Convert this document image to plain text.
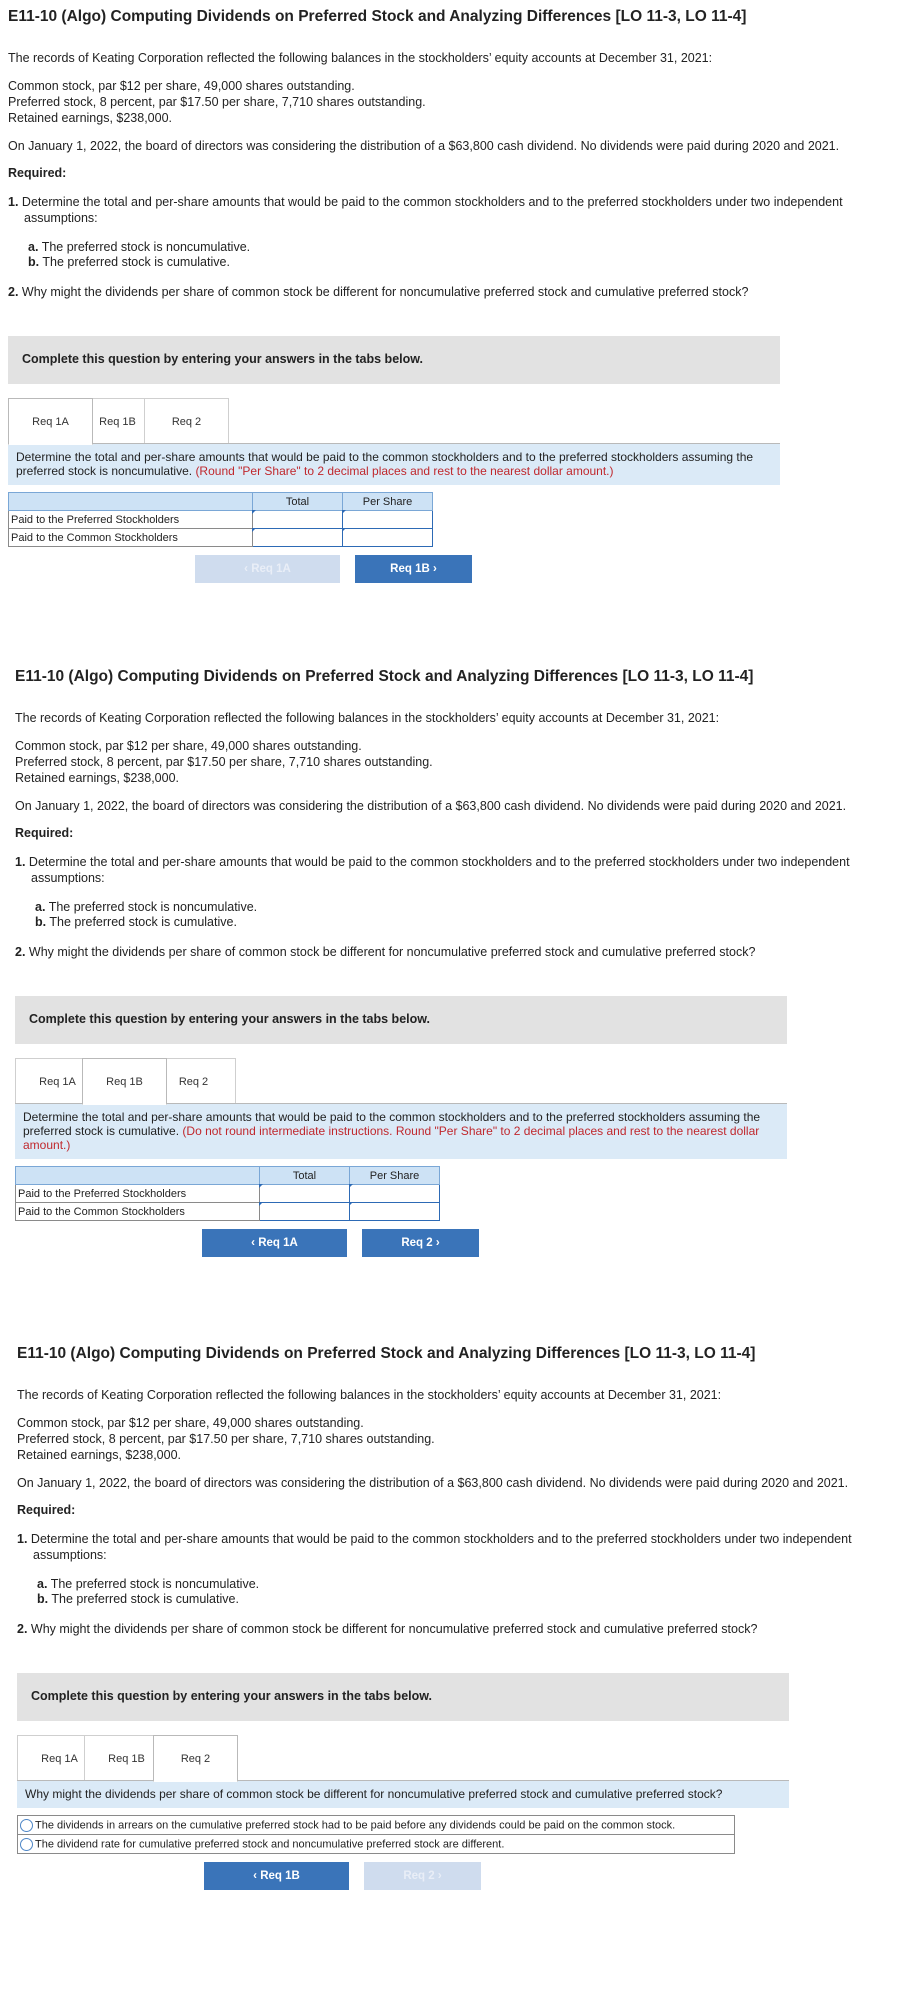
E11-10 (Algo) Computing Dividends on Preferred Stock and Analyzing Differences [LO 11-3, LO 11-4]

The records of Keating Corporation reflected the following balances in the stockholders’ equity accounts at December 31, 2021:

Common stock, par $12 per share, 49,000 shares outstanding.

Preferred stock, 8 percent, par $17.50 per share, 7,710 shares outstanding.

Retained earnings, $238,000.

On January 1, 2022, the board of directors was considering the distribution of a $63,800 cash dividend. No dividends were paid during 2020 and 2021.

Required:
1. Determine the total and per-share amounts that would be paid to the common stockholders and to the preferred stockholders under two independent assumptions:
a. The preferred stock is noncumulative.
b. The preferred stock is cumulative.
2. Why might the dividends per share of common stock be different for noncumulative preferred stock and cumulative preferred stock?
Complete this question by entering your answers in the tabs below.
Req 1A	Req 1B	Req 2
Determine the total and per-share amounts that would be paid to the common stockholders and to the preferred stockholders assuming the preferred stock is noncumulative. (Round "Per Share" to 2 decimal places and rest to the nearest dollar amount.)
	Total	Per Share
Paid to the Preferred Stockholders		
Paid to the Common Stockholders		
‹ Req 1A	Req 1B ›
E11-10 (Algo) Computing Dividends on Preferred Stock and Analyzing Differences [LO 11-3, LO 11-4]

The records of Keating Corporation reflected the following balances in the stockholders’ equity accounts at December 31, 2021:

Common stock, par $12 per share, 49,000 shares outstanding.

Preferred stock, 8 percent, par $17.50 per share, 7,710 shares outstanding.

Retained earnings, $238,000.

On January 1, 2022, the board of directors was considering the distribution of a $63,800 cash dividend. No dividends were paid during 2020 and 2021.

Required:
1. Determine the total and per-share amounts that would be paid to the common stockholders and to the preferred stockholders under two independent assumptions:
a. The preferred stock is noncumulative.
b. The preferred stock is cumulative.
2. Why might the dividends per share of common stock be different for noncumulative preferred stock and cumulative preferred stock?
Complete this question by entering your answers in the tabs below.
Req 1A	Req 1B	Req 2
Determine the total and per-share amounts that would be paid to the common stockholders and to the preferred stockholders assuming the preferred stock is cumulative. (Do not round intermediate instructions. Round "Per Share" to 2 decimal places and rest to the nearest dollar amount.)
	Total	Per Share
Paid to the Preferred Stockholders		
Paid to the Common Stockholders		
‹ Req 1A	Req 2 ›
E11-10 (Algo) Computing Dividends on Preferred Stock and Analyzing Differences [LO 11-3, LO 11-4]

The records of Keating Corporation reflected the following balances in the stockholders’ equity accounts at December 31, 2021:

Common stock, par $12 per share, 49,000 shares outstanding.

Preferred stock, 8 percent, par $17.50 per share, 7,710 shares outstanding.

Retained earnings, $238,000.

On January 1, 2022, the board of directors was considering the distribution of a $63,800 cash dividend. No dividends were paid during 2020 and 2021.

Required:
1. Determine the total and per-share amounts that would be paid to the common stockholders and to the preferred stockholders under two independent assumptions:
a. The preferred stock is noncumulative.
b. The preferred stock is cumulative.
2. Why might the dividends per share of common stock be different for noncumulative preferred stock and cumulative preferred stock?
Complete this question by entering your answers in the tabs below.
Req 1A	Req 1B	Req 2
Why might the dividends per share of common stock be different for noncumulative preferred stock and cumulative preferred stock?
The dividends in arrears on the cumulative preferred stock had to be paid before any dividends could be paid on the common stock.
The dividend rate for cumulative preferred stock and noncumulative preferred stock are different.
‹ Req 1B	Req 2 ›
